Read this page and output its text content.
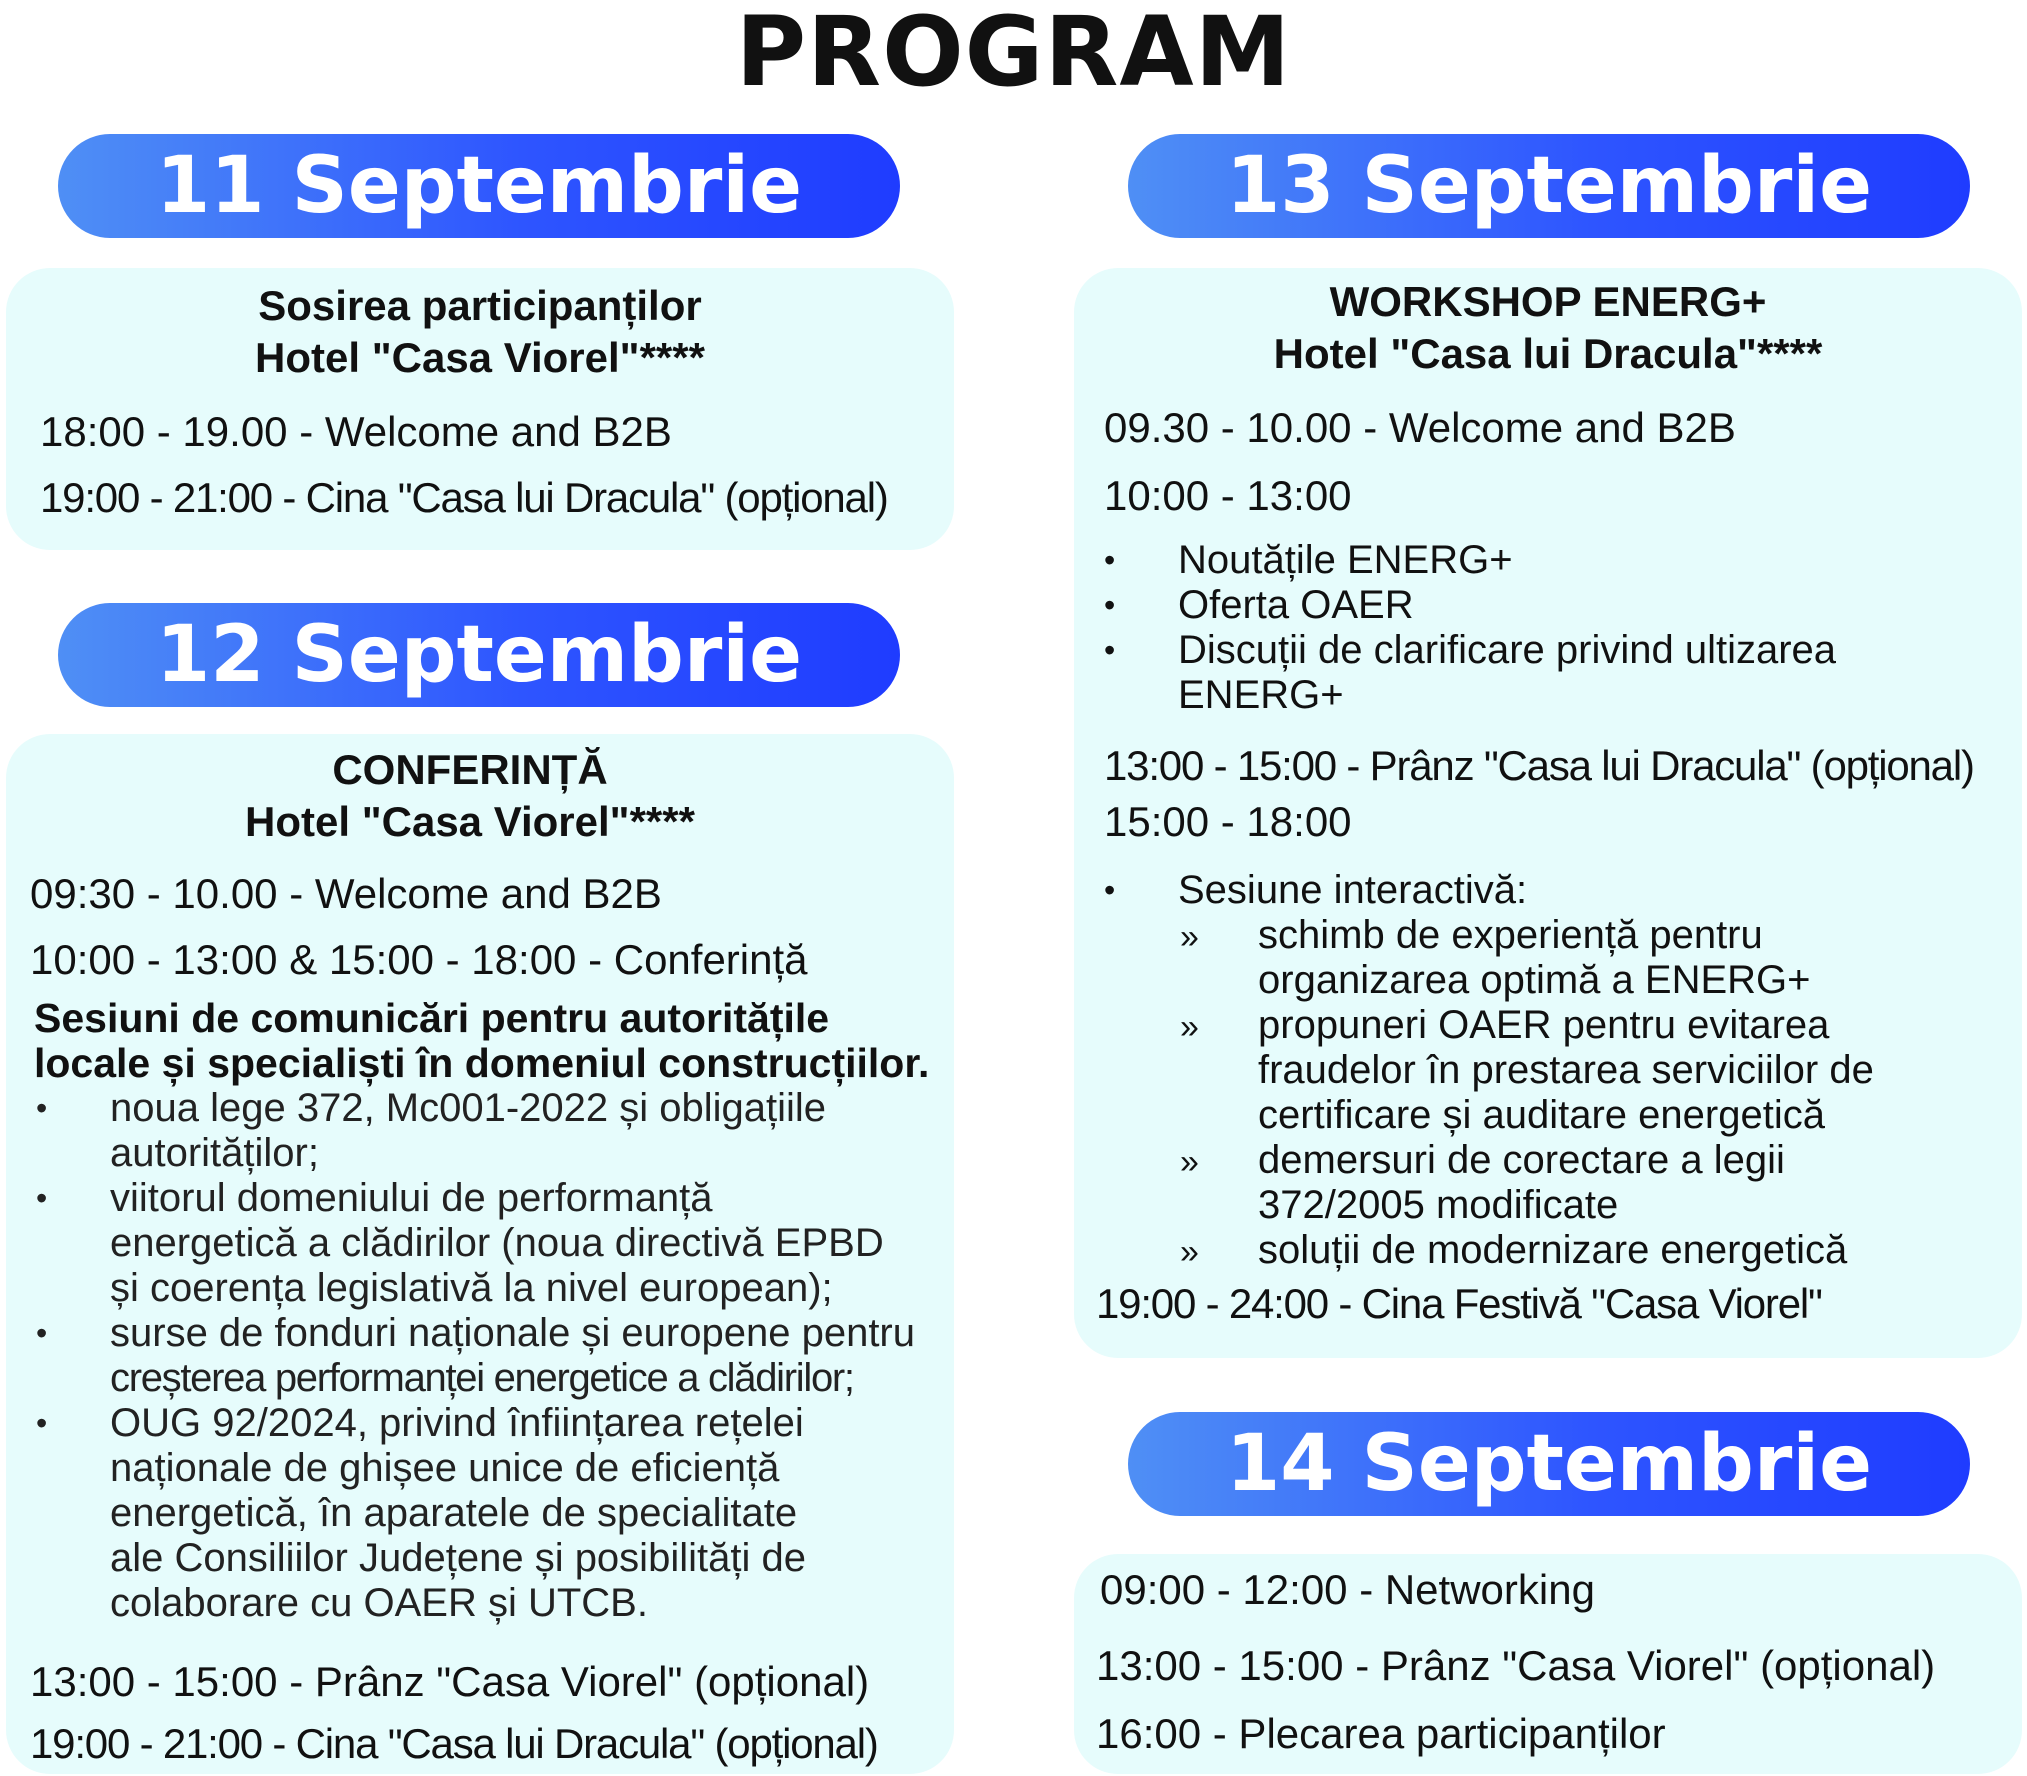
PROGRAM
11 Septembrie
Sosirea participanților
Hotel "Casa Viorel"****
18:00 - 19.00 - Welcome and B2B
19:00 - 21:00 - Cina "Casa lui Dracula" (opțional)
12 Septembrie
CONFERINȚĂ
Hotel "Casa Viorel"****
09:30 - 10.00 - Welcome and B2B
10:00 - 13:00 & 15:00 - 18:00 - Conferință
Sesiuni de comunicări pentru autoritățile
locale și specialiști în domeniul construcțiilor.
• noua lege 372, Mc001-2022 și obligațiile
autorităților;
• viitorul domeniului de performanță
energetică a clădirilor (noua directivă EPBD
și coerența legislativă la nivel european);
• surse de fonduri naționale și europene pentru
creșterea performanței energetice a clădirilor;
• OUG 92/2024, privind înființarea rețelei
naționale de ghișee unice de eficiență
energetică, în aparatele de specialitate
ale Consiliilor Județene și posibilități de
colaborare cu OAER și UTCB.
13:00 - 15:00 - Prânz "Casa Viorel" (opțional)
19:00 - 21:00 - Cina "Casa lui Dracula" (opțional)
13 Septembrie
WORKSHOP ENERG+
Hotel "Casa lui Dracula"****
09.30 - 10.00 - Welcome and B2B
10:00 - 13:00
• Noutățile ENERG+
• Oferta OAER
• Discuții de clarificare privind ultizarea
ENERG+
13:00 - 15:00 - Prânz "Casa lui Dracula" (opțional)
15:00 - 18:00
• Sesiune interactivă:
» schimb de experiență pentru
organizarea optimă a ENERG+
» propuneri OAER pentru evitarea
fraudelor în prestarea serviciilor de
certificare și auditare energetică
» demersuri de corectare a legii
372/2005 modificate
» soluții de modernizare energetică
19:00 - 24:00 - Cina Festivă "Casa Viorel"
14 Septembrie
09:00 - 12:00 - Networking
13:00 - 15:00 - Prânz "Casa Viorel" (opțional)
16:00 - Plecarea participanților
